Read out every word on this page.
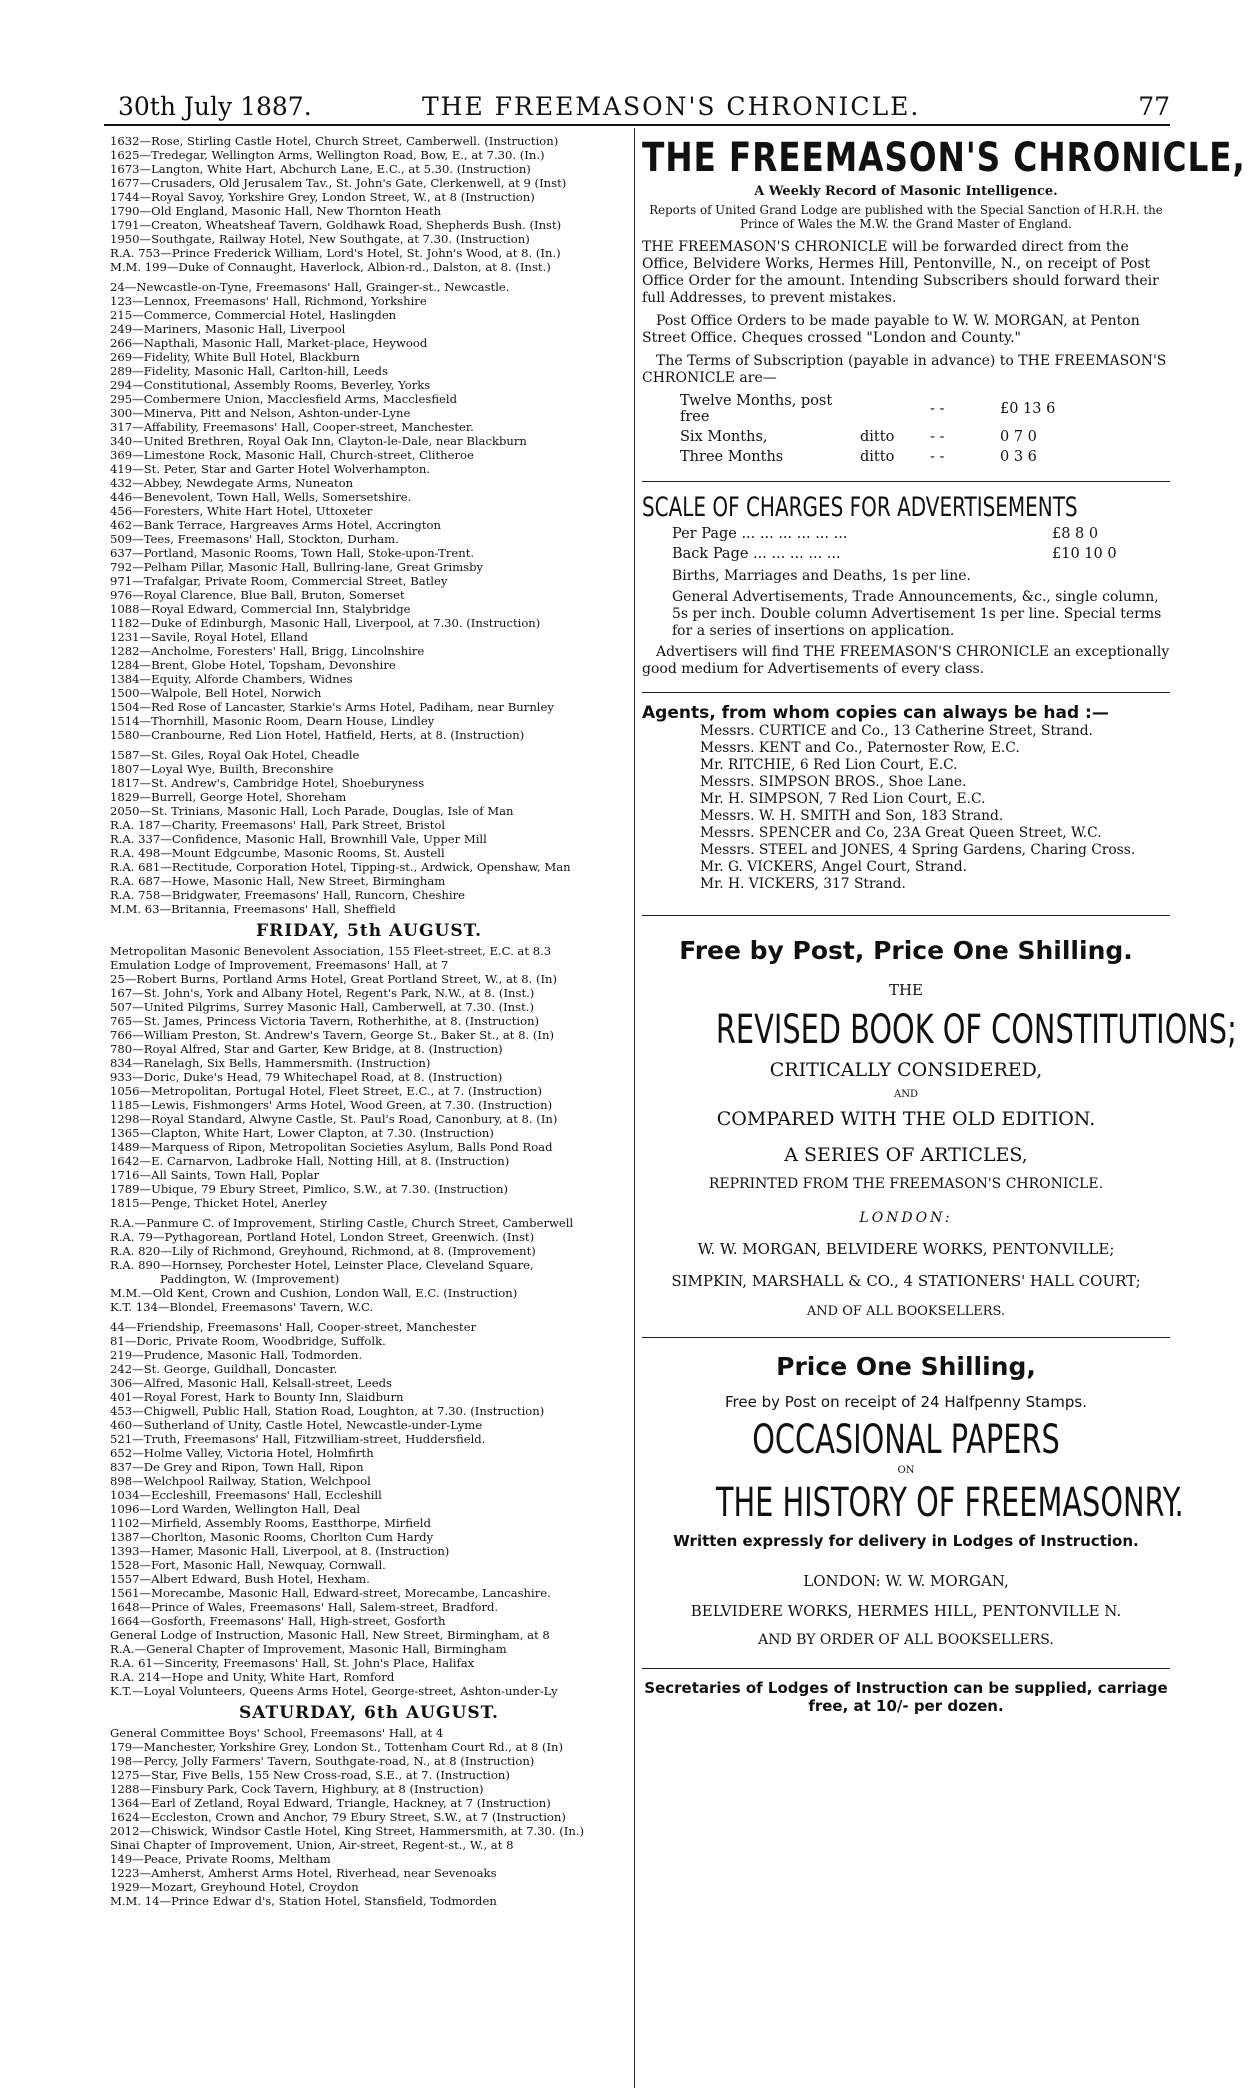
30th July 1887.	THE FREEMASON'S CHRONICLE.	77
1632—Rose, Stirling Castle Hotel, Church Street, Camberwell. (Instruction)
1625—Tredegar, Wellington Arms, Wellington Road, Bow, E., at 7.30. (In.)
1673—Langton, White Hart, Abchurch Lane, E.C., at 5.30. (Instruction)
1677—Crusaders, Old Jerusalem Tav., St. John's Gate, Clerkenwell, at 9 (Inst)
1744—Royal Savoy, Yorkshire Grey, London Street, W., at 8 (Instruction)
1790—Old England, Masonic Hall, New Thornton Heath
1791—Creaton, Wheatsheaf Tavern, Goldhawk Road, Shepherds Bush. (Inst)
1950—Southgate, Railway Hotel, New Southgate, at 7.30. (Instruction)
R.A. 753—Prince Frederick William, Lord's Hotel, St. John's Wood, at 8. (In.)
M.M. 199—Duke of Connaught, Haverlock, Albion-rd., Dalston, at 8. (Inst.)
24—Newcastle-on-Tyne, Freemasons' Hall, Grainger-st., Newcastle.
123—Lennox, Freemasons' Hall, Richmond, Yorkshire
215—Commerce, Commercial Hotel, Haslingden
249—Mariners, Masonic Hall, Liverpool
266—Napthali, Masonic Hall, Market-place, Heywood
269—Fidelity, White Bull Hotel, Blackburn
289—Fidelity, Masonic Hall, Carlton-hill, Leeds
294—Constitutional, Assembly Rooms, Beverley, Yorks
295—Combermere Union, Macclesfield Arms, Macclesfield
300—Minerva, Pitt and Nelson, Ashton-under-Lyne
317—Affability, Freemasons' Hall, Cooper-street, Manchester.
340—United Brethren, Royal Oak Inn, Clayton-le-Dale, near Blackburn
369—Limestone Rock, Masonic Hall, Church-street, Clitheroe
419—St. Peter, Star and Garter Hotel Wolverhampton.
432—Abbey, Newdegate Arms, Nuneaton
446—Benevolent, Town Hall, Wells, Somersetshire.
456—Foresters, White Hart Hotel, Uttoxeter
462—Bank Terrace, Hargreaves Arms Hotel, Accrington
509—Tees, Freemasons' Hall, Stockton, Durham.
637—Portland, Masonic Rooms, Town Hall, Stoke-upon-Trent.
792—Pelham Pillar, Masonic Hall, Bullring-lane, Great Grimsby
971—Trafalgar, Private Room, Commercial Street, Batley
976—Royal Clarence, Blue Ball, Bruton, Somerset
1088—Royal Edward, Commercial Inn, Stalybridge
1182—Duke of Edinburgh, Masonic Hall, Liverpool, at 7.30. (Instruction)
1231—Savile, Royal Hotel, Elland
1282—Ancholme, Foresters' Hall, Brigg, Lincolnshire
1284—Brent, Globe Hotel, Topsham, Devonshire
1384—Equity, Alforde Chambers, Widnes
1500—Walpole, Bell Hotel, Norwich
1504—Red Rose of Lancaster, Starkie's Arms Hotel, Padiham, near Burnley
1514—Thornhill, Masonic Room, Dearn House, Lindley
1580—Cranbourne, Red Lion Hotel, Hatfield, Herts, at 8. (Instruction)
1587—St. Giles, Royal Oak Hotel, Cheadle
1807—Loyal Wye, Builth, Breconshire
1817—St. Andrew's, Cambridge Hotel, Shoeburyness
1829—Burrell, George Hotel, Shoreham
2050—St. Trinians, Masonic Hall, Loch Parade, Douglas, Isle of Man
R.A. 187—Charity, Freemasons' Hall, Park Street, Bristol
R.A. 337—Confidence, Masonic Hall, Brownhill Vale, Upper Mill
R.A. 498—Mount Edgcumbe, Masonic Rooms, St. Austell
R.A. 681—Rectitude, Corporation Hotel, Tipping-st., Ardwick, Openshaw, Man
R.A. 687—Howe, Masonic Hall, New Street, Birmingham
R.A. 758—Bridgwater, Freemasons' Hall, Runcorn, Cheshire
M.M. 63—Britannia, Freemasons' Hall, Sheffield
FRIDAY, 5th AUGUST.
Metropolitan Masonic Benevolent Association, 155 Fleet-street, E.C. at 8.3
Emulation Lodge of Improvement, Freemasons' Hall, at 7
25—Robert Burns, Portland Arms Hotel, Great Portland Street, W., at 8. (In)
167—St. John's, York and Albany Hotel, Regent's Park, N.W., at 8. (Inst.)
507—United Pilgrims, Surrey Masonic Hall, Camberwell, at 7.30. (Inst.)
765—St. James, Princess Victoria Tavern, Rotherhithe, at 8. (Instruction)
766—William Preston, St. Andrew's Tavern, George St., Baker St., at 8. (In)
780—Royal Alfred, Star and Garter, Kew Bridge, at 8. (Instruction)
834—Ranelagh, Six Bells, Hammersmith. (Instruction)
933—Doric, Duke's Head, 79 Whitechapel Road, at 8. (Instruction)
1056—Metropolitan, Portugal Hotel, Fleet Street, E.C., at 7. (Instruction)
1185—Lewis, Fishmongers' Arms Hotel, Wood Green, at 7.30. (Instruction)
1298—Royal Standard, Alwyne Castle, St. Paul's Road, Canonbury, at 8. (In)
1365—Clapton, White Hart, Lower Clapton, at 7.30. (Instruction)
1489—Marquess of Ripon, Metropolitan Societies Asylum, Balls Pond Road
1642—E. Carnarvon, Ladbroke Hall, Notting Hill, at 8. (Instruction)
1716—All Saints, Town Hall, Poplar
1789—Ubique, 79 Ebury Street, Pimlico, S.W., at 7.30. (Instruction)
1815—Penge, Thicket Hotel, Anerley
R.A.—Panmure C. of Improvement, Stirling Castle, Church Street, Camberwell
R.A. 79—Pythagorean, Portland Hotel, London Street, Greenwich. (Inst)
R.A. 820—Lily of Richmond, Greyhound, Richmond, at 8. (Improvement)
R.A. 890—Hornsey, Porchester Hotel, Leinster Place, Cleveland Square,
Paddington, W. (Improvement)
M.M.—Old Kent, Crown and Cushion, London Wall, E.C. (Instruction)
K.T. 134—Blondel, Freemasons' Tavern, W.C.
44—Friendship, Freemasons' Hall, Cooper-street, Manchester
81—Doric, Private Room, Woodbridge, Suffolk.
219—Prudence, Masonic Hall, Todmorden.
242—St. George, Guildhall, Doncaster.
306—Alfred, Masonic Hall, Kelsall-street, Leeds
401—Royal Forest, Hark to Bounty Inn, Slaidburn
453—Chigwell, Public Hall, Station Road, Loughton, at 7.30. (Instruction)
460—Sutherland of Unity, Castle Hotel, Newcastle-under-Lyme
521—Truth, Freemasons' Hall, Fitzwilliam-street, Huddersfield.
652—Holme Valley, Victoria Hotel, Holmfirth
837—De Grey and Ripon, Town Hall, Ripon
898—Welchpool Railway, Station, Welchpool
1034—Eccleshill, Freemasons' Hall, Eccleshill
1096—Lord Warden, Wellington Hall, Deal
1102—Mirfield, Assembly Rooms, Eastthorpe, Mirfield
1387—Chorlton, Masonic Rooms, Chorlton Cum Hardy
1393—Hamer, Masonic Hall, Liverpool, at 8. (Instruction)
1528—Fort, Masonic Hall, Newquay, Cornwall.
1557—Albert Edward, Bush Hotel, Hexham.
1561—Morecambe, Masonic Hall, Edward-street, Morecambe, Lancashire.
1648—Prince of Wales, Freemasons' Hall, Salem-street, Bradford.
1664—Gosforth, Freemasons' Hall, High-street, Gosforth
General Lodge of Instruction, Masonic Hall, New Street, Birmingham, at 8
R.A.—General Chapter of Improvement, Masonic Hall, Birmingham
R.A. 61—Sincerity, Freemasons' Hall, St. John's Place, Halifax
R.A. 214—Hope and Unity, White Hart, Romford
K.T.—Loyal Volunteers, Queens Arms Hotel, George-street, Ashton-under-Ly
SATURDAY, 6th AUGUST.
General Committee Boys' School, Freemasons' Hall, at 4
179—Manchester, Yorkshire Grey, London St., Tottenham Court Rd., at 8 (In)
198—Percy, Jolly Farmers' Tavern, Southgate-road, N., at 8 (Instruction)
1275—Star, Five Bells, 155 New Cross-road, S.E., at 7. (Instruction)
1288—Finsbury Park, Cock Tavern, Highbury, at 8 (Instruction)
1364—Earl of Zetland, Royal Edward, Triangle, Hackney, at 7 (Instruction)
1624—Eccleston, Crown and Anchor, 79 Ebury Street, S.W., at 7 (Instruction)
2012—Chiswick, Windsor Castle Hotel, King Street, Hammersmith, at 7.30. (In.)
Sinai Chapter of Improvement, Union, Air-street, Regent-st., W., at 8
149—Peace, Private Rooms, Meltham
1223—Amherst, Amherst Arms Hotel, Riverhead, near Sevenoaks
1929—Mozart, Greyhound Hotel, Croydon
M.M. 14—Prince Edwar d's, Station Hotel, Stansfield, Todmorden
THE FREEMASON'S CHRONICLE,
A Weekly Record of Masonic Intelligence.
Reports of United Grand Lodge are published with the Special Sanction of H.R.H. the Prince of Wales the M.W. the Grand Master of England.
THE FREEMASON'S CHRONICLE will be forwarded direct from the Office, Belvidere Works, Hermes Hill, Pentonville, N., on receipt of Post Office Order for the amount. Intending Subscribers should forward their full Addresses, to prevent mistakes.
Post Office Orders to be made payable to W. W. MORGAN, at Penton Street Office. Cheques crossed "London and County."
The Terms of Subscription (payable in advance) to THE FREEMASON'S CHRONICLE are—
Twelve Months, post free		- -	£0 13 6
Six Months,	ditto	- -	0 7 0
Three Months	ditto	- -	0 3 6
SCALE OF CHARGES FOR ADVERTISEMENTS
Per Page ... ... ... ... ... ...	£8 8 0
Back Page ... ... ... ... ...	£10 10 0
Births, Marriages and Deaths, 1s per line.
General Advertisements, Trade Announcements, &c., single column, 5s per inch. Double column Advertisement 1s per line. Special terms for a series of insertions on application.
Advertisers will find THE FREEMASON'S CHRONICLE an exceptionally good medium for Advertisements of every class.
Agents, from whom copies can always be had :—
Messrs. CURTICE and Co., 13 Catherine Street, Strand.
Messrs. KENT and Co., Paternoster Row, E.C.
Mr. RITCHIE, 6 Red Lion Court, E.C.
Messrs. SIMPSON BROS., Shoe Lane.
Mr. H. SIMPSON, 7 Red Lion Court, E.C.
Messrs. W. H. SMITH and Son, 183 Strand.
Messrs. SPENCER and Co, 23A Great Queen Street, W.C.
Messrs. STEEL and JONES, 4 Spring Gardens, Charing Cross.
Mr. G. VICKERS, Angel Court, Strand.
Mr. H. VICKERS, 317 Strand.
Free by Post, Price One Shilling.
THE
REVISED BOOK OF CONSTITUTIONS;
CRITICALLY CONSIDERED,
AND
COMPARED WITH THE OLD EDITION.
A SERIES OF ARTICLES,
REPRINTED FROM THE FREEMASON'S CHRONICLE.
LONDON:
W. W. MORGAN, BELVIDERE WORKS, PENTONVILLE;
SIMPKIN, MARSHALL & CO., 4 STATIONERS' HALL COURT;
AND OF ALL BOOKSELLERS.
Price One Shilling,
Free by Post on receipt of 24 Halfpenny Stamps.
OCCASIONAL PAPERS
ON
THE HISTORY OF FREEMASONRY.
Written expressly for delivery in Lodges of Instruction.
LONDON: W. W. MORGAN,
BELVIDERE WORKS, HERMES HILL, PENTONVILLE N.
AND BY ORDER OF ALL BOOKSELLERS.
Secretaries of Lodges of Instruction can be supplied, carriage free, at 10/- per dozen.
